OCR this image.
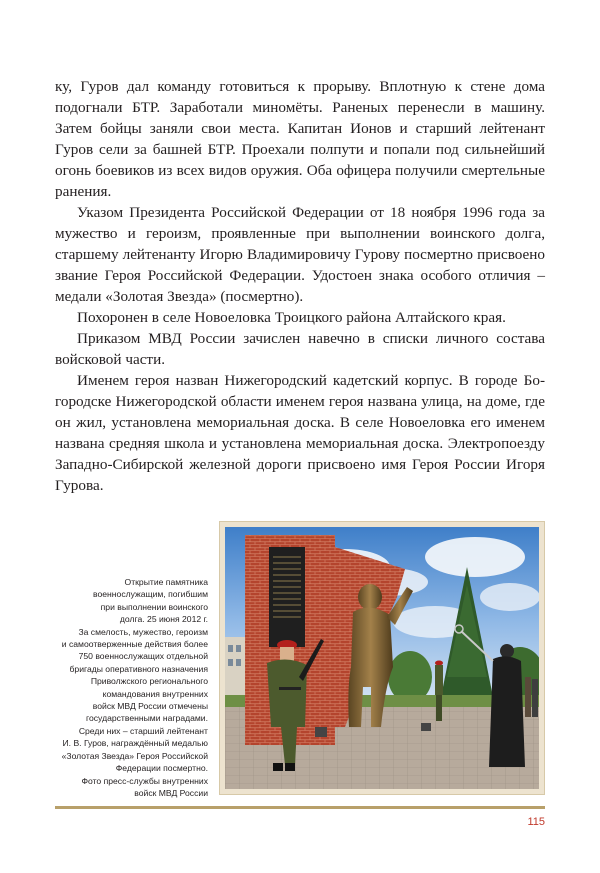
ку, Гуров дал команду готовиться к прорыву. Вплотную к стене дома подогнали БТР. Заработали миномёты. Раненых перенесли в машину. Затем бойцы заняли свои места. Капитан Ионов и старший лейтенант Гуров сели за башней БТР. Проехали полпути и попали под сильнейший огонь боевиков из всех видов оружия. Оба офицера получили смертельные ранения.

Указом Президента Российской Федерации от 18 ноября 1996 года за мужество и героизм, проявленные при выполнении воинского долга, старшему лейтенанту Игорю Владимировичу Гурову посмертно присвоено звание Героя Российской Федерации. Удостоен знака особого отличия – медали «Золотая Звезда» (посмертно).

Похоронен в селе Новоеловка Троицкого района Алтайского края.

Приказом МВД России зачислен навечно в списки личного состава войсковой части.

Именем героя назван Нижегородский кадетский корпус. В городе Богородске Нижегородской области именем героя названа улица, на доме, где он жил, установлена мемориальная доска. В селе Новоеловка его именем названа средняя школа и установлена мемориальная доска. Электропоезду Западно-Сибирской железной дороги присвоено имя Героя России Игоря Гурова.

Открытие памятника
военнослужащим, погибшим
при выполнении воинского
долга. 25 июня 2012 г.
За смелость, мужество, героизм
и самоотверженные действия более
750 военнослужащих отдельной
бригады оперативного назначения
Приволжского регионального
командования внутренних
войск МВД России отмечены
государственными наградами.
Среди них – старший лейтенант
И. В. Гуров, награждённый медалью
«Золотая Звезда» Героя Российской
Федерации посмертно.
Фото пресс-службы внутренних
войск МВД России
115
